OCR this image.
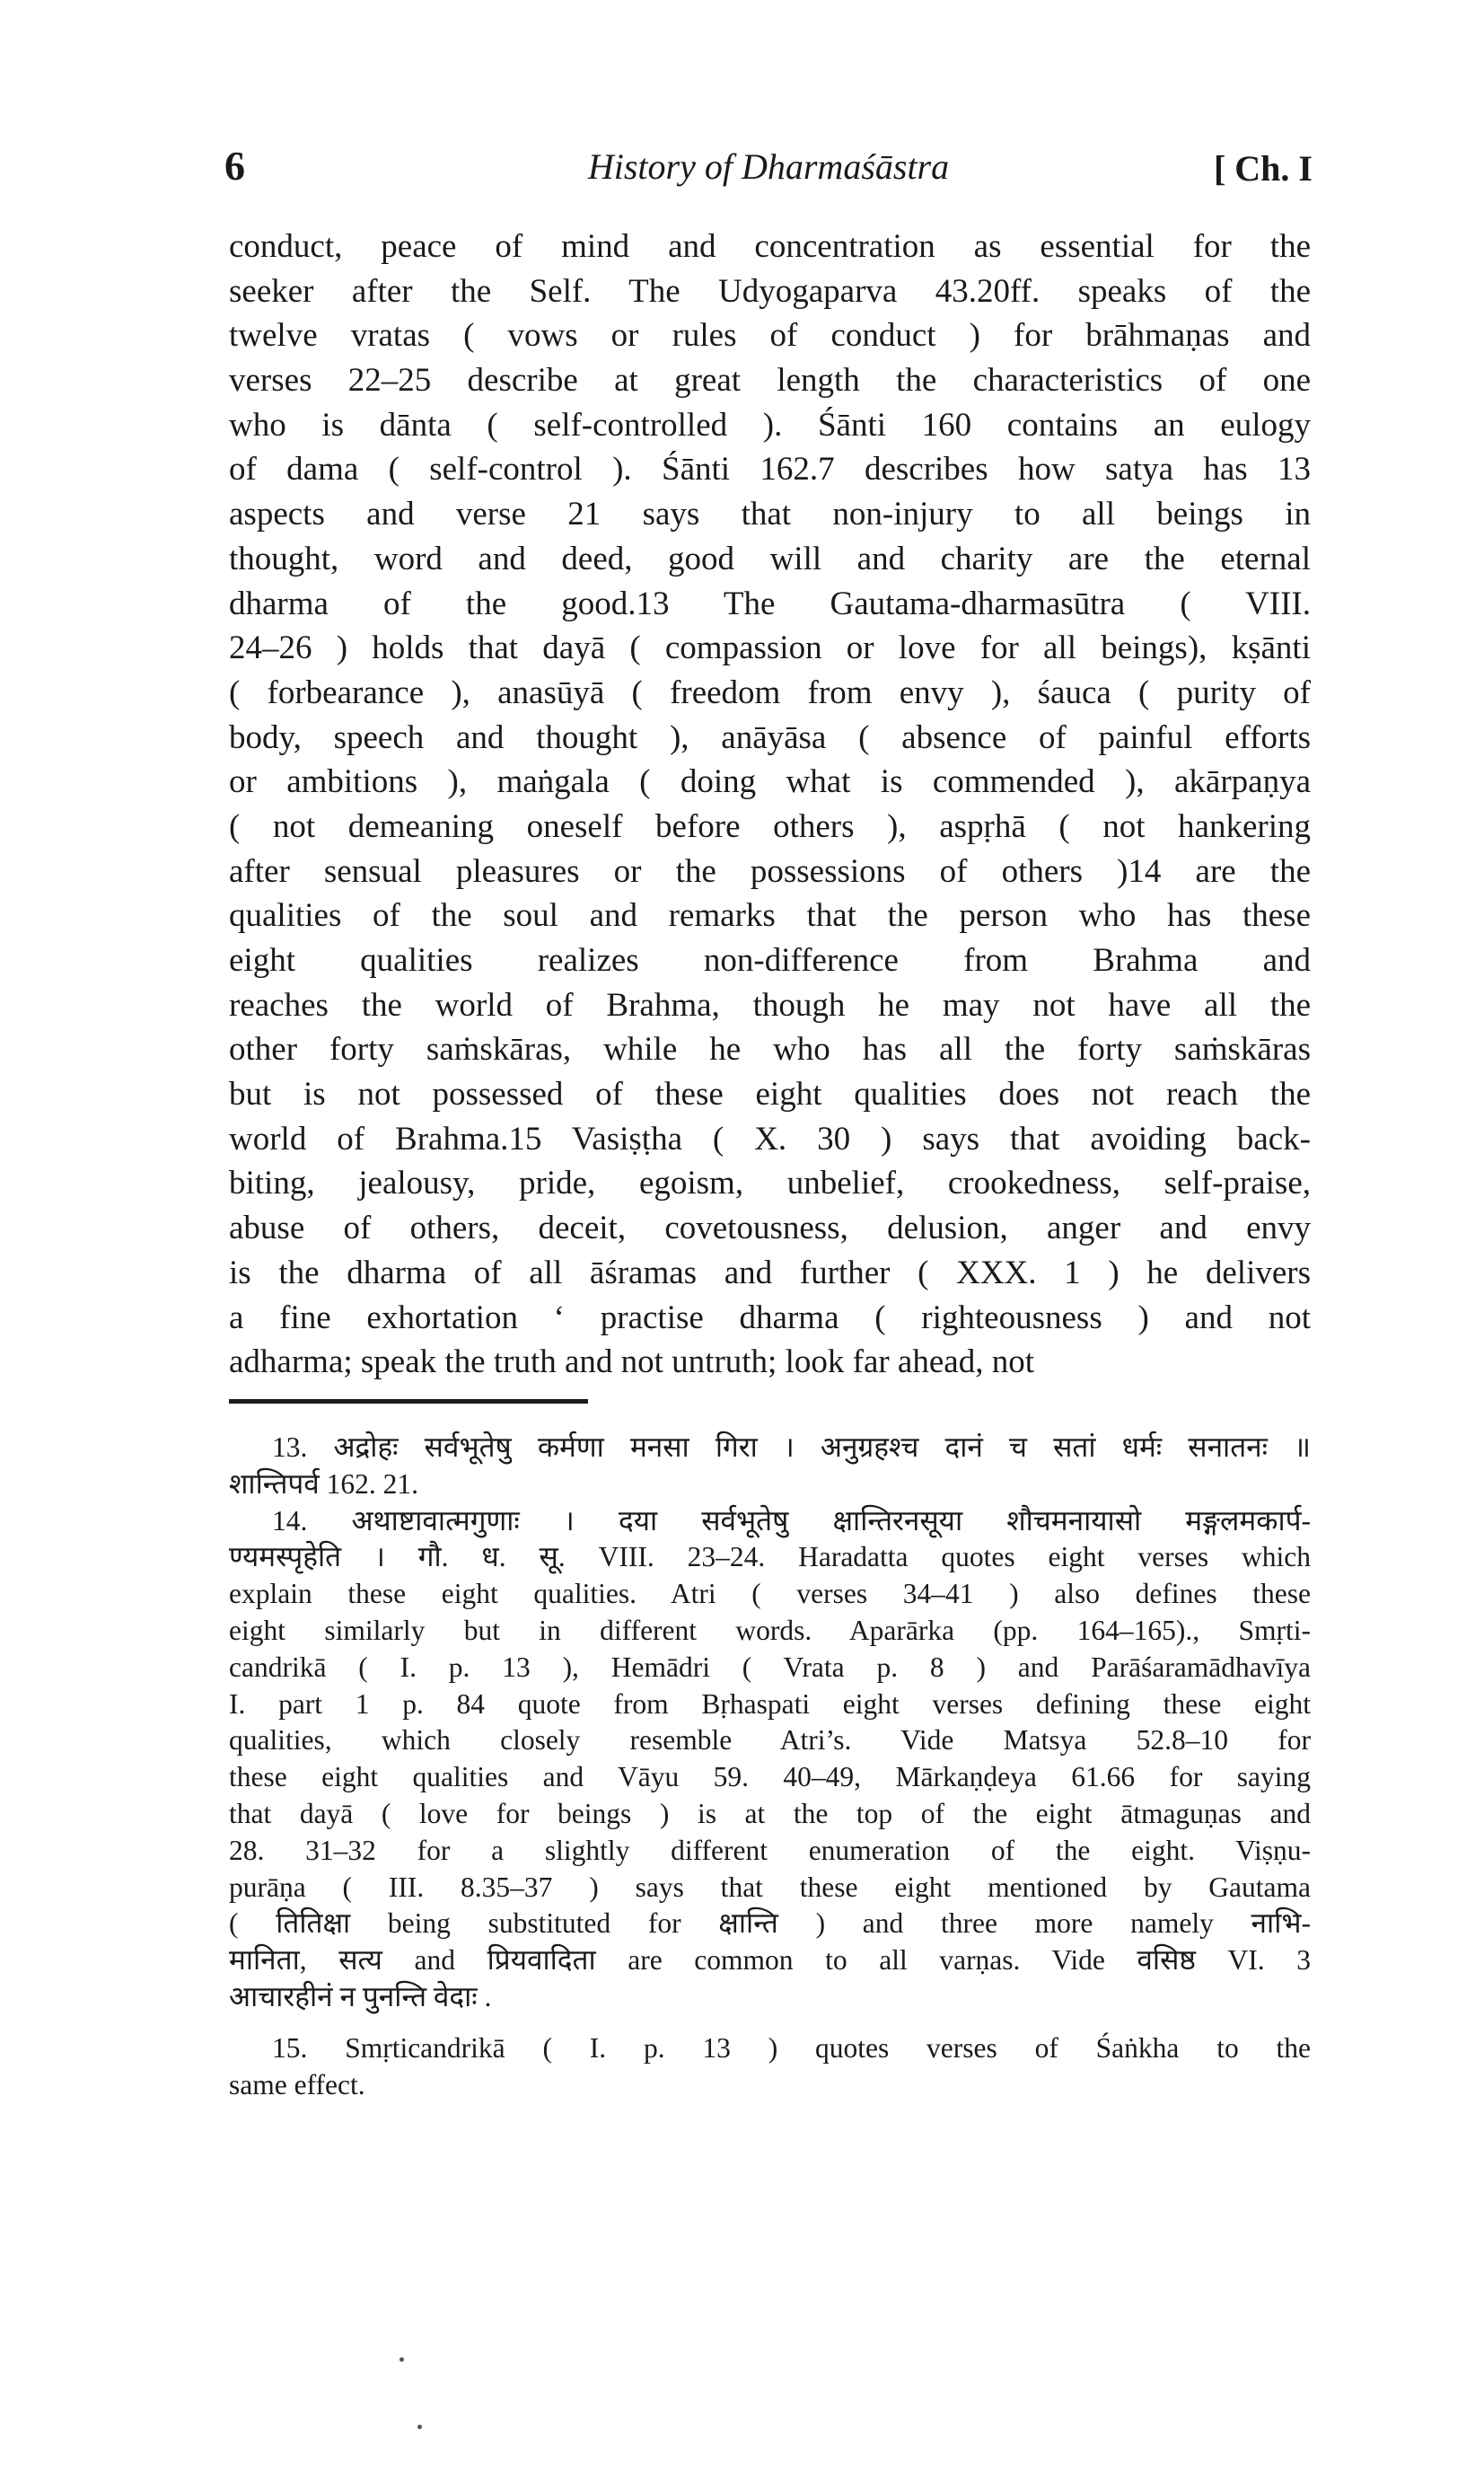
6	History of Dharmaśāstra	[ Ch. I
conduct, peace of mind and concentration as essential for the
seeker after the Self. The Udyogaparva 43.20ff. speaks of the
twelve vratas ( vows or rules of conduct ) for brāhmaṇas and
verses 22–25 describe at great length the characteristics of one
who is dānta ( self-controlled ). Śānti 160 contains an eulogy
of dama ( self-control ). Śānti 162.7 describes how satya has 13
aspects and verse 21 says that non-injury to all beings in
thought, word and deed, good will and charity are the eternal
dharma of the good.13 The Gautama-dharmasūtra ( VIII.
24–26 ) holds that dayā ( compassion or love for all beings), kṣānti
( forbearance ), anasūyā ( freedom from envy ), śauca ( purity of
body, speech and thought ), anāyāsa ( absence of painful efforts
or ambitions ), maṅgala ( doing what is commended ), akārpaṇya
( not demeaning oneself before others ), aspṛhā ( not hankering
after sensual pleasures or the possessions of others )14 are the
qualities of the soul and remarks that the person who has these
eight qualities realizes non-difference from Brahma and
reaches the world of Brahma, though he may not have all the
other forty saṁskāras, while he who has all the forty saṁskāras
but is not possessed of these eight qualities does not reach the
world of Brahma.15 Vasiṣṭha ( X. 30 ) says that avoiding back-
biting, jealousy, pride, egoism, unbelief, crookedness, self-praise,
abuse of others, deceit, covetousness, delusion, anger and envy
is the dharma of all āśramas and further ( XXX. 1 ) he delivers
a fine exhortation ‘ practise dharma ( righteousness ) and not
adharma; speak the truth and not untruth; look far ahead, not
13. अद्रोहः सर्वभूतेषु कर्मणा मनसा गिरा । अनुग्रहश्च दानं च सतां धर्मः सनातनः ॥
शान्तिपर्व 162. 21.
14. अथाष्टावात्मगुणाः । दया सर्वभूतेषु क्षान्तिरनसूया शौचमनायासो मङ्गलमकार्प-
ण्यमस्पृहेति । गौ. ध. सू. VIII. 23–24. Haradatta quotes eight verses which
explain these eight qualities. Atri ( verses 34–41 ) also defines these
eight similarly but in different words. Aparārka (pp. 164–165)., Smṛti-
candrikā ( I. p. 13 ), Hemādri ( Vrata p. 8 ) and Parāśaramādhavīya
I. part 1 p. 84 quote from Bṛhaspati eight verses defining these eight
qualities, which closely resemble Atri’s. Vide Matsya 52.8–10 for
these eight qualities and Vāyu 59. 40–49, Mārkaṇḍeya 61.66 for saying
that dayā ( love for beings ) is at the top of the eight ātmaguṇas and
28. 31–32 for a slightly different enumeration of the eight. Viṣṇu-
purāṇa ( III. 8.35–37 ) says that these eight mentioned by Gautama
( तितिक्षा being substituted for क्षान्ति ) and three more namely नाभि-
मानिता, सत्य and प्रियवादिता are common to all varṇas. Vide वसिष्ठ VI. 3
आचारहीनं न पुनन्ति वेदाः .
15. Smṛticandrikā ( I. p. 13 ) quotes verses of Śaṅkha to the
same effect.
